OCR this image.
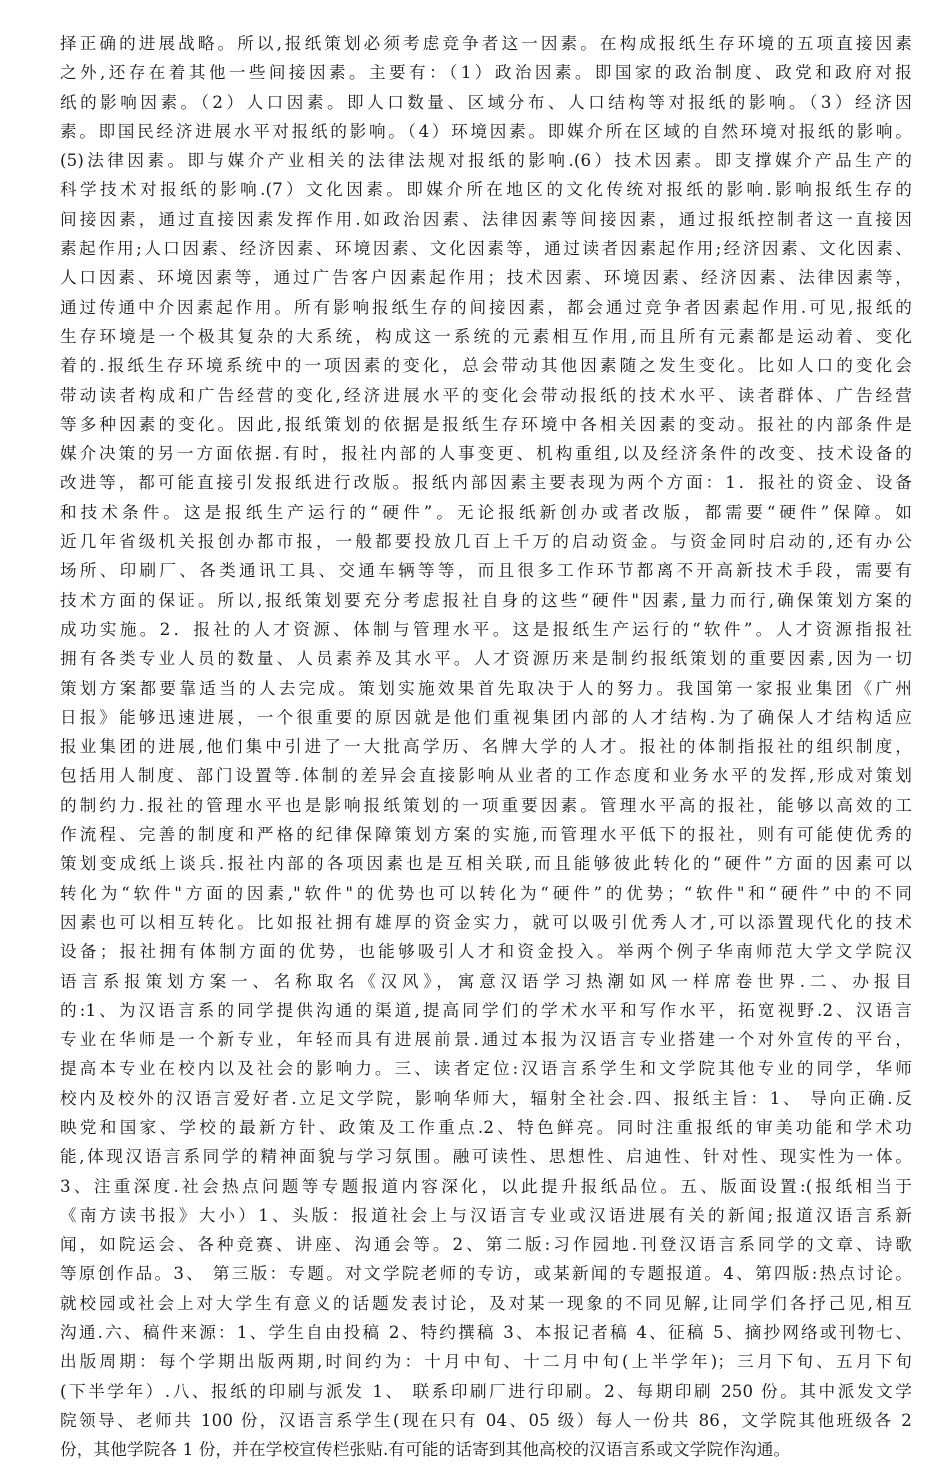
择正确的进展战略。所以,报纸策划必须考虑竞争者这一因素。在构成报纸生存环境的五项直接因素
之外,还存在着其他一些间接因素。主要有：（1）政治因素。即国家的政治制度、政党和政府对报
纸的影响因素。（2）人口因素。即人口数量、区域分布、人口结构等对报纸的影响。（3）经济因
素。即国民经济进展水平对报纸的影响。（4）环境因素。即媒介所在区域的自然环境对报纸的影响。
(5)法律因素。即与媒介产业相关的法律法规对报纸的影响.(6）技术因素。即支撑媒介产品生产的
科学技术对报纸的影响.(7）文化因素。即媒介所在地区的文化传统对报纸的影响.影响报纸生存的
间接因素，通过直接因素发挥作用.如政治因素、法律因素等间接因素，通过报纸控制者这一直接因
素起作用;人口因素、经济因素、环境因素、文化因素等，通过读者因素起作用;经济因素、文化因素、
人口因素、环境因素等，通过广告客户因素起作用；技术因素、环境因素、经济因素、法律因素等，
通过传通中介因素起作用。所有影响报纸生存的间接因素，都会通过竞争者因素起作用.可见,报纸的
生存环境是一个极其复杂的大系统，构成这一系统的元素相互作用,而且所有元素都是运动着、变化
着的.报纸生存环境系统中的一项因素的变化，总会带动其他因素随之发生变化。比如人口的变化会
带动读者构成和广告经营的变化,经济进展水平的变化会带动报纸的技术水平、读者群体、广告经营
等多种因素的变化。因此,报纸策划的依据是报纸生存环境中各相关因素的变动。报社的内部条件是
媒介决策的另一方面依据.有时，报社内部的人事变更、机构重组,以及经济条件的改变、技术设备的
改进等，都可能直接引发报纸进行改版。报纸内部因素主要表现为两个方面：1．报社的资金、设备
和技术条件。这是报纸生产运行的“硬件”。无论报纸新创办或者改版，都需要“硬件”保障。如
近几年省级机关报创办都市报，一般都要投放几百上千万的启动资金。与资金同时启动的,还有办公
场所、印刷厂、各类通讯工具、交通车辆等等，而且很多工作环节都离不开高新技术手段，需要有
技术方面的保证。所以,报纸策划要充分考虑报社自身的这些“硬件"因素,量力而行,确保策划方案的
成功实施。2．报社的人才资源、体制与管理水平。这是报纸生产运行的“软件”。人才资源指报社
拥有各类专业人员的数量、人员素养及其水平。人才资源历来是制约报纸策划的重要因素,因为一切
策划方案都要靠适当的人去完成。策划实施效果首先取决于人的努力。我国第一家报业集团《广州
日报》能够迅速进展，一个很重要的原因就是他们重视集团内部的人才结构.为了确保人才结构适应
报业集团的进展,他们集中引进了一大批高学历、名牌大学的人才。报社的体制指报社的组织制度，
包括用人制度、部门设置等.体制的差异会直接影响从业者的工作态度和业务水平的发挥,形成对策划
的制约力.报社的管理水平也是影响报纸策划的一项重要因素。管理水平高的报社，能够以高效的工
作流程、完善的制度和严格的纪律保障策划方案的实施,而管理水平低下的报社，则有可能使优秀的
策划变成纸上谈兵.报社内部的各项因素也是互相关联,而且能够彼此转化的“硬件”方面的因素可以
转化为“软件"方面的因素,"软件"的优势也可以转化为“硬件”的优势；“软件"和“硬件”中的不同
因素也可以相互转化。比如报社拥有雄厚的资金实力，就可以吸引优秀人才,可以添置现代化的技术
设备；报社拥有体制方面的优势，也能够吸引人才和资金投入。举两个例子华南师范大学文学院汉
语言系报策划方案一、名称取名《汉风》，寓意汉语学习热潮如风一样席卷世界.二、办报目
的:1、为汉语言系的同学提供沟通的渠道,提高同学们的学术水平和写作水平，拓宽视野.2、汉语言
专业在华师是一个新专业，年轻而具有进展前景.通过本报为汉语言专业搭建一个对外宣传的平台，
提高本专业在校内以及社会的影响力。三、读者定位:汉语言系学生和文学院其他专业的同学，华师
校内及校外的汉语言爱好者.立足文学院，影响华师大，辐射全社会.四、报纸主旨：1、 导向正确.反
映党和国家、学校的最新方针、政策及工作重点.2、特色鲜亮。同时注重报纸的审美功能和学术功
能,体现汉语言系同学的精神面貌与学习氛围。融可读性、思想性、启迪性、针对性、现实性为一体。
3、注重深度.社会热点问题等专题报道内容深化，以此提升报纸品位。五、版面设置:(报纸相当于
《南方读书报》大小）1、头版：报道社会上与汉语言专业或汉语进展有关的新闻;报道汉语言系新
闻，如院运会、各种竞赛、讲座、沟通会等。2、第二版:习作园地.刊登汉语言系同学的文章、诗歌
等原创作品。3、 第三版：专题。对文学院老师的专访，或某新闻的专题报道。4、第四版:热点讨论。
就校园或社会上对大学生有意义的话题发表讨论，及对某一现象的不同见解,让同学们各抒己见,相互
沟通.六、稿件来源：1、学生自由投稿 2、特约撰稿 3、本报记者稿 4、征稿 5、摘抄网络或刊物七、
出版周期：每个学期出版两期,时间约为：十月中旬、十二月中旬(上半学年)；三月下旬、五月下旬
(下半学年）.八、报纸的印刷与派发 1、 联系印刷厂进行印刷。2、每期印刷 250 份。其中派发文学
院领导、老师共 100 份，汉语言系学生(现在只有 04、05 级）每人一份共 86，文学院其他班级各 2
份，其他学院各 1 份，并在学校宣传栏张贴.有可能的话寄到其他高校的汉语言系或文学院作沟通。
